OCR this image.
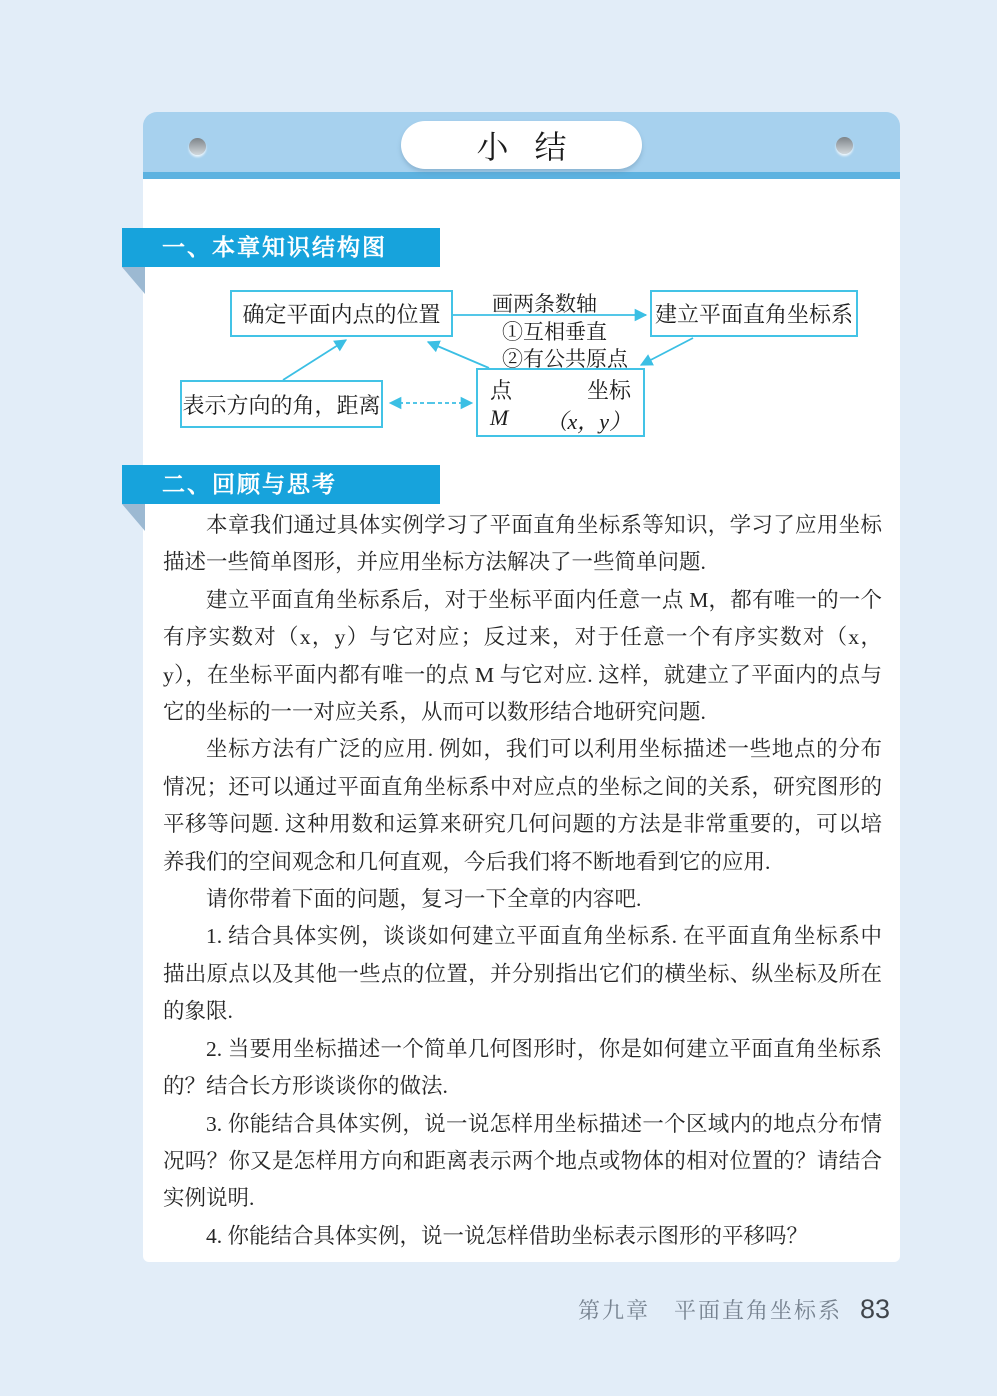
小结
一、本章知识结构图
二、回顾与思考
确定平面内点的位置	建立平面直角坐标系
表示方向的角，距离
点	坐标
M （x，y）
画两条数轴
①互相垂直
②有公共原点

本章我们通过具体实例学习了平面直角坐标系等知识，学习了应用坐标描述一些简单图形，并应用坐标方法解决了一些简单问题.

建立平面直角坐标系后，对于坐标平面内任意一点 M，都有唯一的一个有序实数对（x，y）与它对应；反过来，对于任意一个有序实数对（x，y），在坐标平面内都有唯一的点 M 与它对应. 这样，就建立了平面内的点与它的坐标的一一对应关系，从而可以数形结合地研究问题.

坐标方法有广泛的应用. 例如，我们可以利用坐标描述一些地点的分布情况；还可以通过平面直角坐标系中对应点的坐标之间的关系，研究图形的平移等问题. 这种用数和运算来研究几何问题的方法是非常重要的，可以培养我们的空间观念和几何直观，今后我们将不断地看到它的应用.

请你带着下面的问题，复习一下全章的内容吧.

1. 结合具体实例，谈谈如何建立平面直角坐标系. 在平面直角坐标系中描出原点以及其他一些点的位置，并分别指出它们的横坐标、纵坐标及所在的象限.

2. 当要用坐标描述一个简单几何图形时，你是如何建立平面直角坐标系的？结合长方形谈谈你的做法.

3. 你能结合具体实例，说一说怎样用坐标描述一个区域内的地点分布情况吗？你又是怎样用方向和距离表示两个地点或物体的相对位置的？请结合实例说明.

4. 你能结合具体实例，说一说怎样借助坐标表示图形的平移吗？

第九章　平面直角坐标系 83
